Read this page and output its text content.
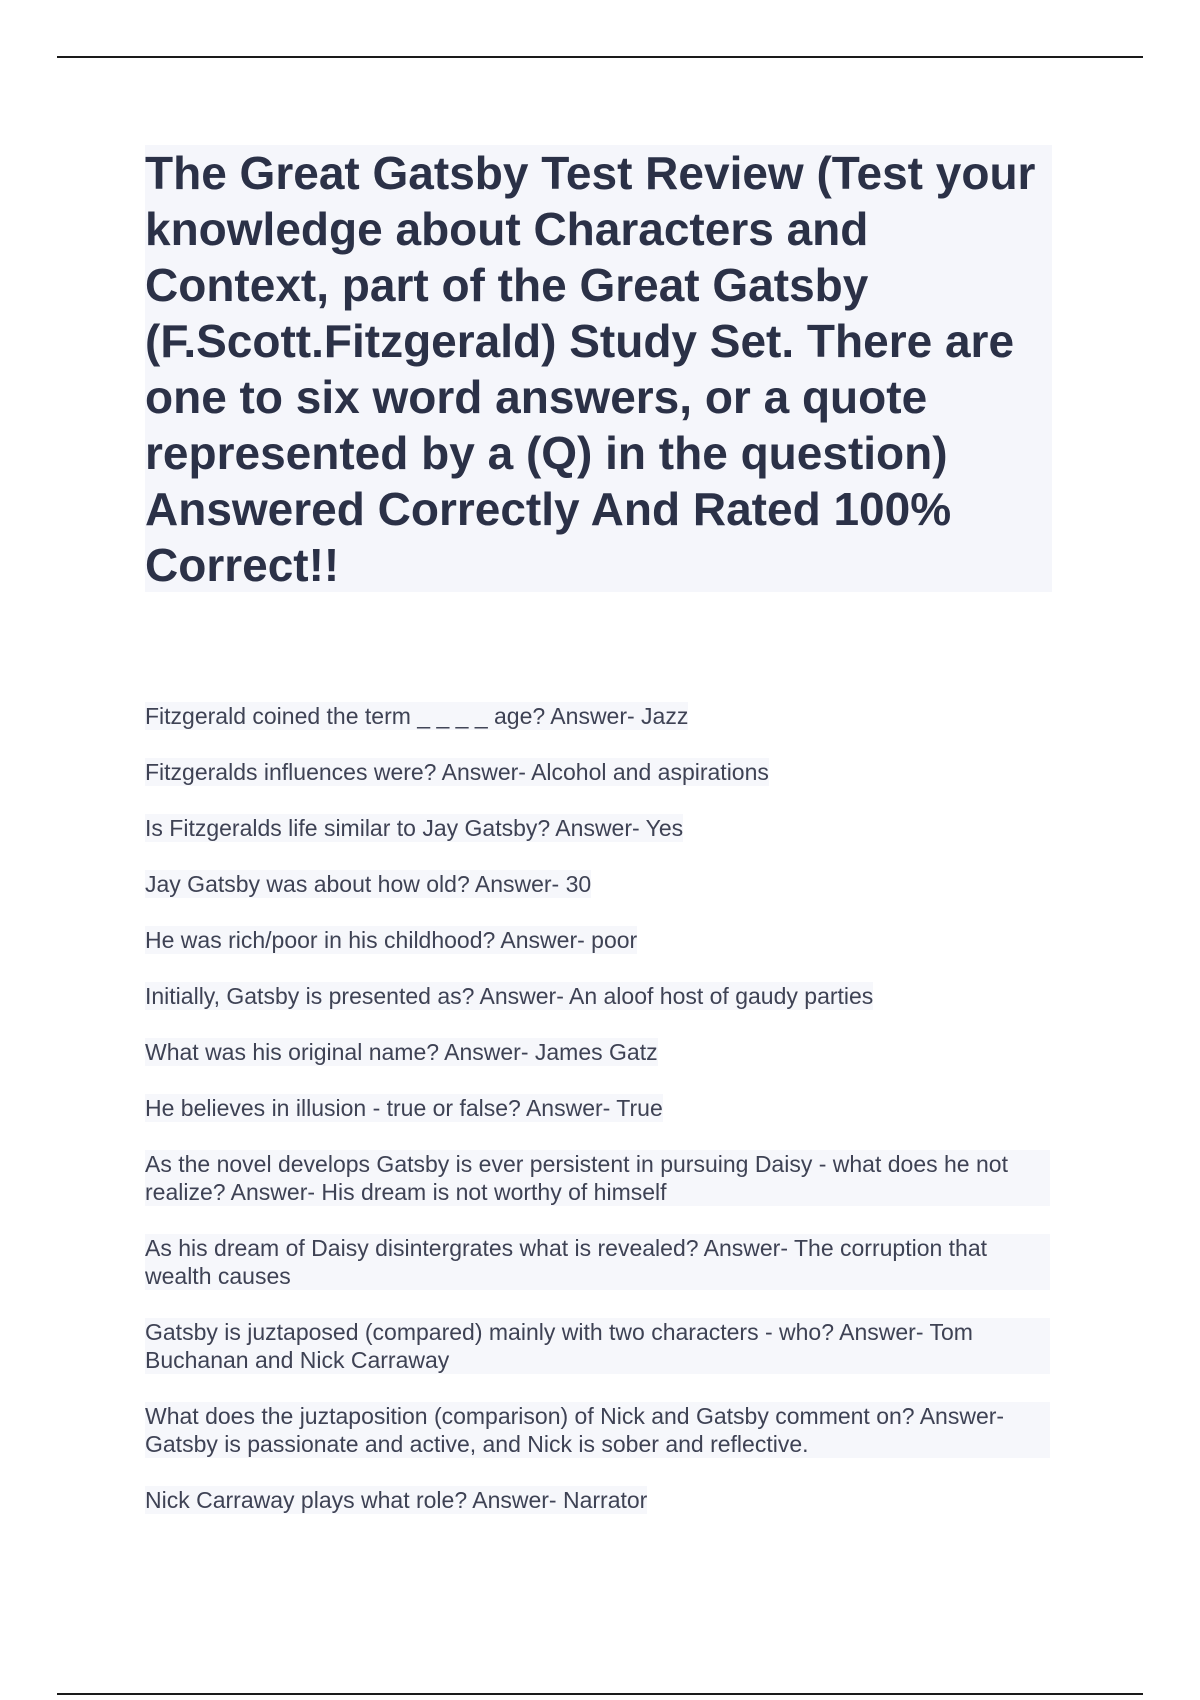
The Great Gatsby Test Review (Test your knowledge about Characters and Context, part of the Great Gatsby (F.Scott.Fitzgerald) Study Set. There are one to six word answers, or a quote represented by a (Q) in the question) Answered Correctly And Rated 100% Correct!!
Fitzgerald coined the term _ _ _ _ age? Answer- Jazz
Fitzgeralds influences were? Answer- Alcohol and aspirations
Is Fitzgeralds life similar to Jay Gatsby? Answer- Yes
Jay Gatsby was about how old? Answer- 30
He was rich/poor in his childhood? Answer- poor
Initially, Gatsby is presented as? Answer- An aloof host of gaudy parties
What was his original name? Answer- James Gatz
He believes in illusion - true or false? Answer- True
As the novel develops Gatsby is ever persistent in pursuing Daisy - what does he not realize? Answer- His dream is not worthy of himself
As his dream of Daisy disintergrates what is revealed? Answer- The corruption that wealth causes
Gatsby is juztaposed (compared) mainly with two characters - who? Answer- Tom Buchanan and Nick Carraway
What does the juztaposition (comparison) of Nick and Gatsby comment on? Answer- Gatsby is passionate and active, and Nick is sober and reflective.
Nick Carraway plays what role? Answer- Narrator
